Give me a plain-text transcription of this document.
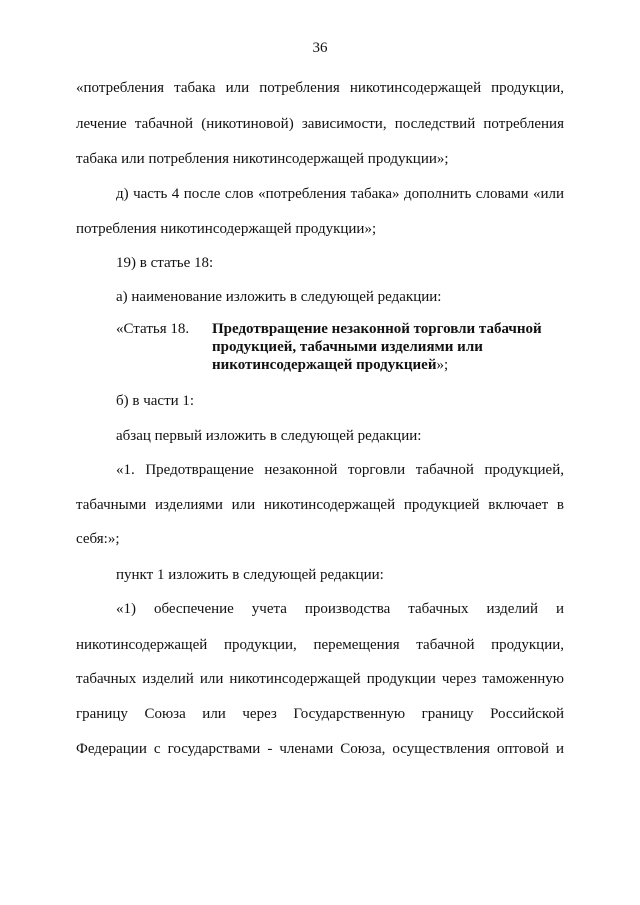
36
«потребления табака или потребления никотинсодержащей продукции,
лечение табачной (никотиновой) зависимости, последствий потребления
табака или потребления никотинсодержащей продукции»;
д) часть 4 после слов «потребления табака» дополнить словами «или
потребления никотинсодержащей продукции»;
19) в статье 18:
а) наименование изложить в следующей редакции:
«Статья 18. Предотвращение незаконной торговли табачной
продукцией, табачными изделиями или
никотинсодержащей продукцией»;
б) в части 1:
абзац первый изложить в следующей редакции:
«1. Предотвращение незаконной торговли табачной продукцией,
табачными изделиями или никотинсодержащей продукцией включает в
себя:»;
пункт 1 изложить в следующей редакции:
«1) обеспечение учета производства табачных изделий и
никотинсодержащей продукции, перемещения табачной продукции,
табачных изделий или никотинсодержащей продукции через таможенную
границу Союза или через Государственную границу Российской
Федерации с государствами - членами Союза, осуществления оптовой и
